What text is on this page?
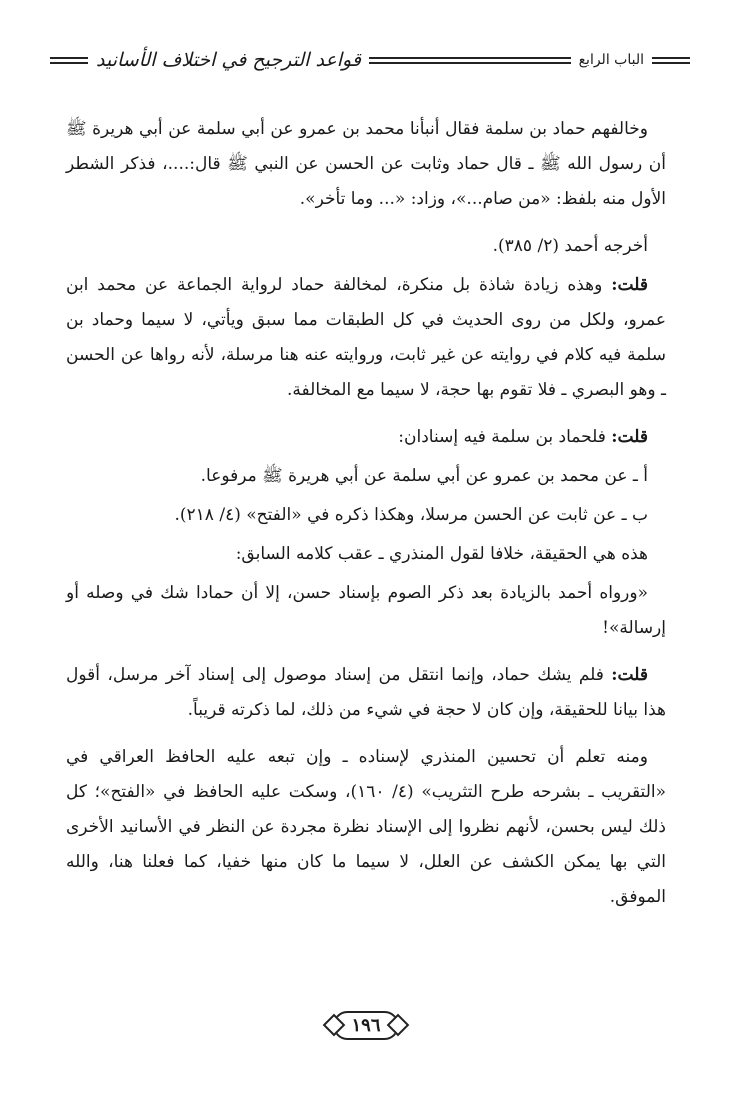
الباب الرابع
قواعد الترجيح في اختلاف الأسانيد

وخالفهم حماد بن سلمة فقال أنبأنا محمد بن عمرو عن أبي سلمة عن أبي هريرة ﷺ أن رسول الله ﷺ ـ قال حماد وثابت عن الحسن عن النبي ﷺ قال:....، فذكر الشطر الأول منه بلفظ: «من صام...»، وزاد: «... وما تأخر».

أخرجه أحمد (٢/ ٣٨٥).

قلت: وهذه زيادة شاذة بل منكرة، لمخالفة حماد لرواية الجماعة عن محمد ابن عمرو، ولكل من روى الحديث في كل الطبقات مما سبق ويأتي، لا سيما وحماد بن سلمة فيه كلام في روايته عن غير ثابت، وروايته عنه هنا مرسلة، لأنه رواها عن الحسن ـ وهو البصري ـ فلا تقوم بها حجة، لا سيما مع المخالفة.

قلت: فلحماد بن سلمة فيه إسنادان:

أ ـ عن محمد بن عمرو عن أبي سلمة عن أبي هريرة ﷺ مرفوعا.

ب ـ عن ثابت عن الحسن مرسلا، وهكذا ذكره في «الفتح» (٤/ ٢١٨).

هذه هي الحقيقة، خلافا لقول المنذري ـ عقب كلامه السابق:

«ورواه أحمد بالزيادة بعد ذكر الصوم بإسناد حسن، إلا أن حمادا شك في وصله أو إرسالة»!

قلت: فلم يشك حماد، وإنما انتقل من إسناد موصول إلى إسناد آخر مرسل، أقول هذا بيانا للحقيقة، وإن كان لا حجة في شيء من ذلك، لما ذكرته قريباً.

ومنه تعلم أن تحسين المنذري لإسناده ـ وإن تبعه عليه الحافظ العراقي في «التقريب ـ بشرحه طرح التثريب» (٤/ ١٦٠)، وسكت عليه الحافظ في «الفتح»؛ كل ذلك ليس بحسن، لأنهم نظروا إلى الإسناد نظرة مجردة عن النظر في الأسانيد الأخرى التي بها يمكن الكشف عن العلل، لا سيما ما كان منها خفيا، كما فعلنا هنا، والله الموفق.

١٩٦
